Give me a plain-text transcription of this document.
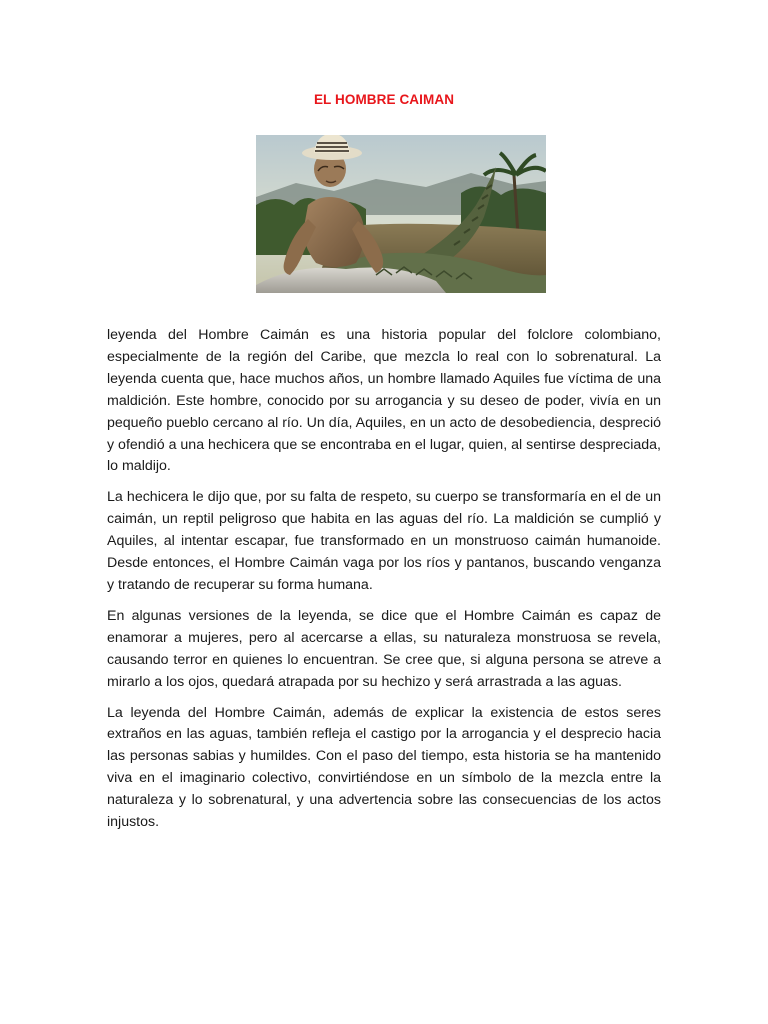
EL HOMBRE CAIMAN

leyenda del Hombre Caimán es una historia popular del folclore colombiano, especialmente de la región del Caribe, que mezcla lo real con lo sobrenatural. La leyenda cuenta que, hace muchos años, un hombre llamado Aquiles fue víctima de una maldición. Este hombre, conocido por su arrogancia y su deseo de poder, vivía en un pequeño pueblo cercano al río. Un día, Aquiles, en un acto de desobediencia, despreció y ofendió a una hechicera que se encontraba en el lugar, quien, al sentirse despreciada, lo maldijo.

La hechicera le dijo que, por su falta de respeto, su cuerpo se transformaría en el de un caimán, un reptil peligroso que habita en las aguas del río. La maldición se cumplió y Aquiles, al intentar escapar, fue transformado en un monstruoso caimán humanoide. Desde entonces, el Hombre Caimán vaga por los ríos y pantanos, buscando venganza y tratando de recuperar su forma humana.

En algunas versiones de la leyenda, se dice que el Hombre Caimán es capaz de enamorar a mujeres, pero al acercarse a ellas, su naturaleza monstruosa se revela, causando terror en quienes lo encuentran. Se cree que, si alguna persona se atreve a mirarlo a los ojos, quedará atrapada por su hechizo y será arrastrada a las aguas.

La leyenda del Hombre Caimán, además de explicar la existencia de estos seres extraños en las aguas, también refleja el castigo por la arrogancia y el desprecio hacia las personas sabias y humildes. Con el paso del tiempo, esta historia se ha mantenido viva en el imaginario colectivo, convirtiéndose en un símbolo de la mezcla entre la naturaleza y lo sobrenatural, y una advertencia sobre las consecuencias de los actos injustos.
